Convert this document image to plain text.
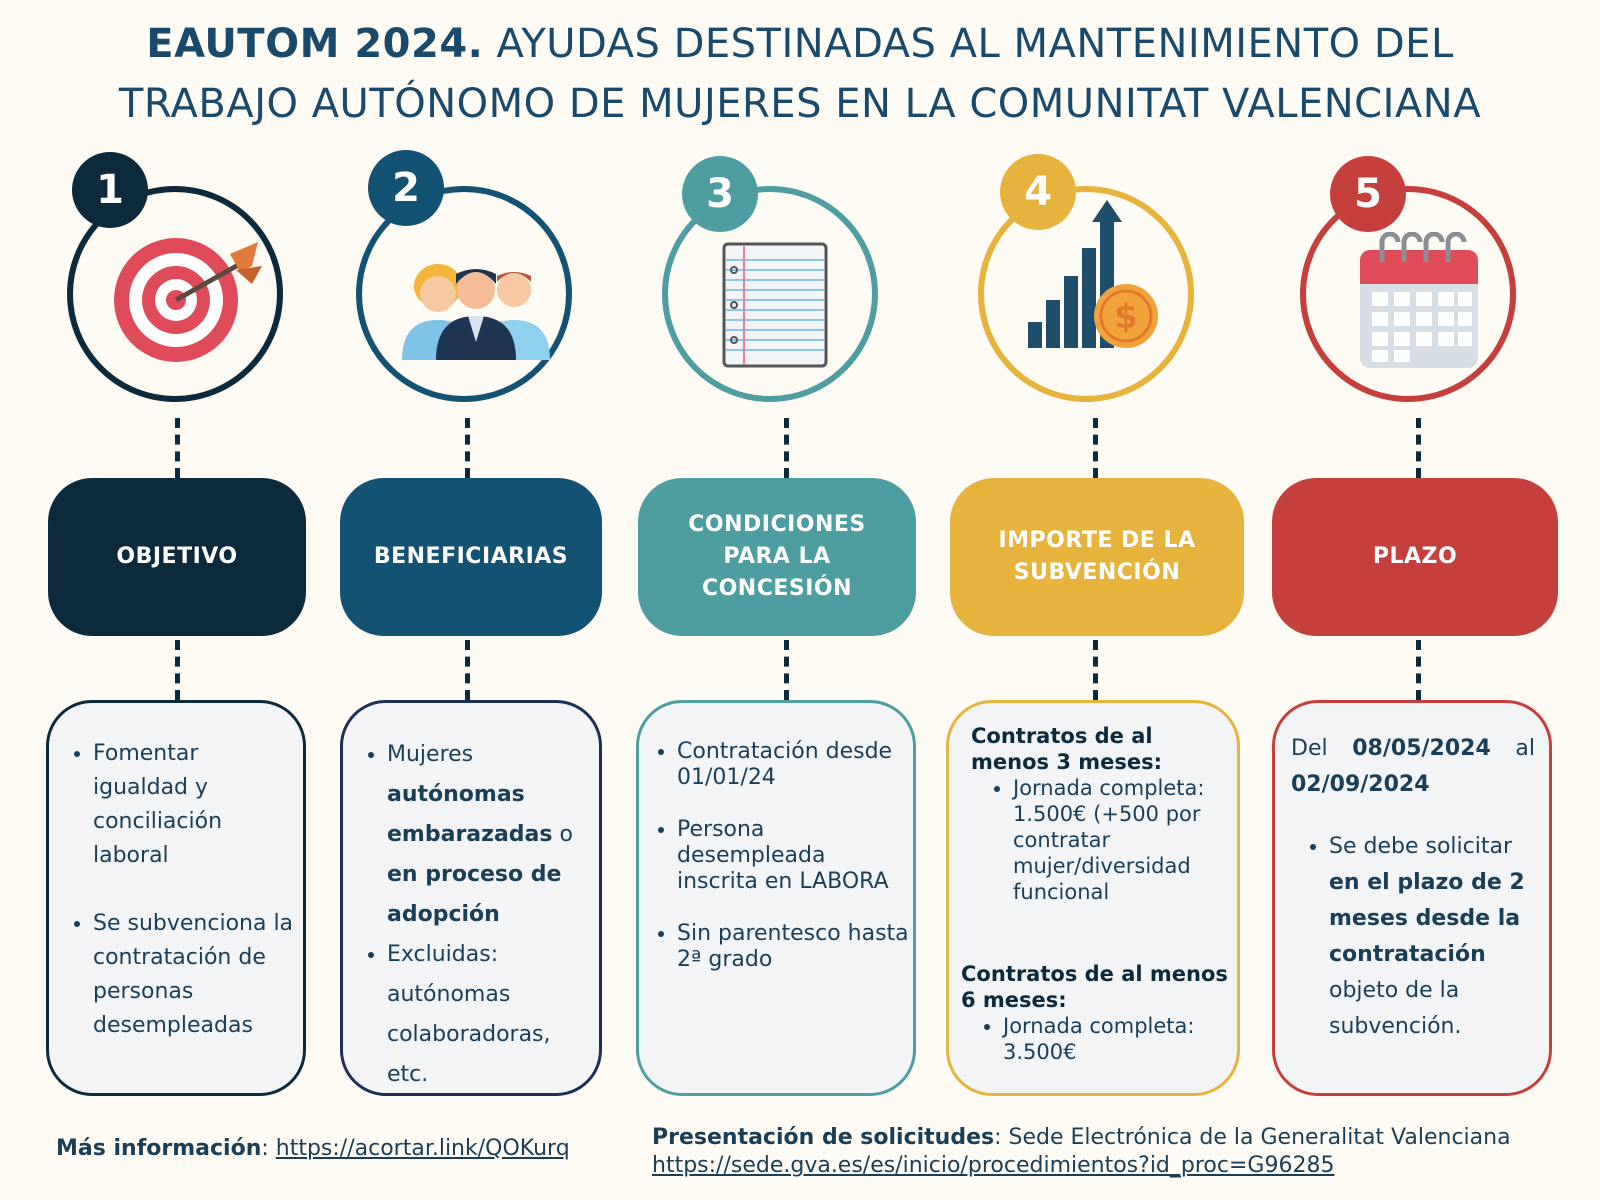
EAUTOM 2024. AYUDAS DESTINADAS AL MANTENIMIENTO DEL
TRABAJO AUTÓNOMO DE MUJERES EN LA COMUNITAT VALENCIANA
1
OBJETIVO
• Fomentar igualdad y conciliación laboral
• Se subvenciona la contratación de personas desempleadas
2
BENEFICIARIAS
• Mujeres autónomas embarazadas o en proceso de adopción
• Excluidas: autónomas colaboradoras, etc.
3
CONDICIONES
PARA LA
CONCESIÓN
• Contratación desde 01/01/24
• Persona desempleada inscrita en LABORA
• Sin parentesco hasta 2ª grado
4
$
IMPORTE DE LA
SUBVENCIÓN
Contratos de al menos 3 meses:
• Jornada completa: 1.500€ (+500 por contratar mujer/diversidad funcional
Contratos de al menos 6 meses:
• Jornada completa: 3.500€
5
PLAZO
Del 08/05/2024 al
02/09/2024
• Se debe solicitar en el plazo de 2 meses desde la contratación objeto de la subvención.
Más información: https://acortar.link/QOKurq	Presentación de solicitudes: Sede Electrónica de la Generalitat Valenciana
https://sede.gva.es/es/inicio/procedimientos?id_proc=G96285
